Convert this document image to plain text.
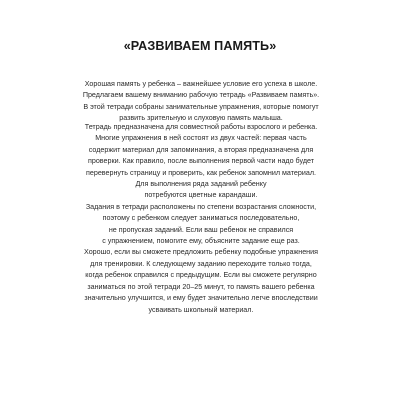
«РАЗВИВАЕМ ПАМЯТЬ»
Хорошая память у ребенка – важнейшее условие его успеха в школе.
Предлагаем вашему вниманию рабочую тетрадь «Развиваем память».
В этой тетради собраны занимательные упражнения, которые помогут
развить зрительную и слуховую память малыша.
Тетрадь предназначена для совместной работы взрослого и ребенка.
Многие упражнения в ней состоят из двух частей: первая часть
содержит материал для запоминания, а вторая предназначена для
проверки. Как правило, после выполнения первой части надо будет
перевернуть страницу и проверить, как ребенок запомнил материал.
Для выполнения ряда заданий ребенку
потребуются цветные карандаши.
Задания в тетради расположены по степени возрастания сложности,
поэтому с ребенком следует заниматься последовательно,
не пропуская заданий. Если ваш ребенок не справился
с упражнением, помогите ему, объясните задание еще раз.
Хорошо, если вы сможете предложить ребенку подобные упражнения
для тренировки. К следующему заданию переходите только тогда,
когда ребенок справился с предыдущим. Если вы сможете регулярно
заниматься по этой тетради 20–25 минут, то память вашего ребенка
значительно улучшится, и ему будет значительно легче впоследствии
усваивать школьный материал.
